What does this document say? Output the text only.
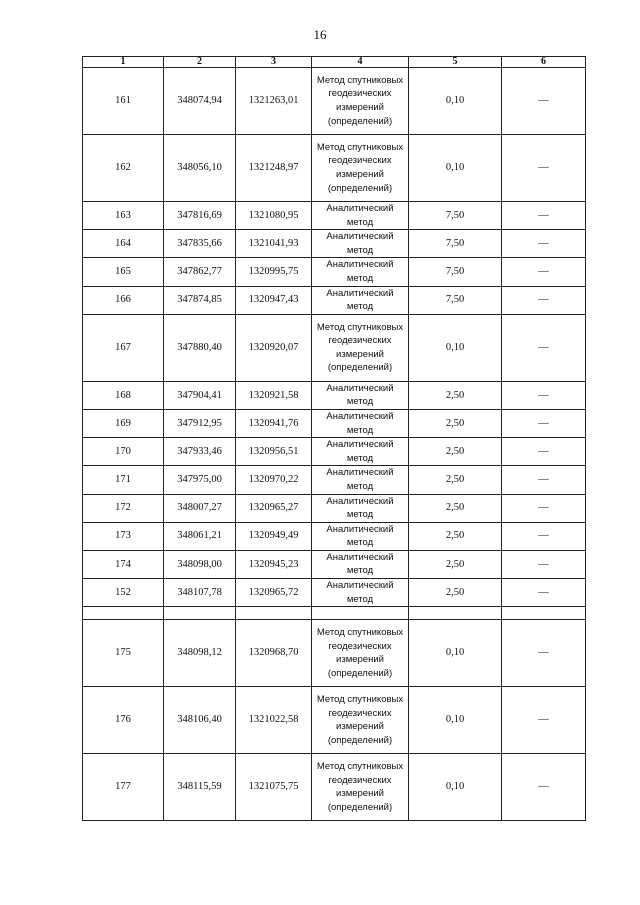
16
1	2	3	4	5	6
161	348074,94	1321263,01	Метод спутниковых геодезических измерений (определений)	0,10	—
162	348056,10	1321248,97	Метод спутниковых геодезических измерений (определений)	0,10	—
163	347816,69	1321080,95	Аналитический метод	7,50	—
164	347835,66	1321041,93	Аналитический метод	7,50	—
165	347862,77	1320995,75	Аналитический метод	7,50	—
166	347874,85	1320947,43	Аналитический метод	7,50	—
167	347880,40	1320920,07	Метод спутниковых геодезических измерений (определений)	0,10	—
168	347904,41	1320921,58	Аналитический метод	2,50	—
169	347912,95	1320941,76	Аналитический метод	2,50	—
170	347933,46	1320956,51	Аналитический метод	2,50	—
171	347975,00	1320970,22	Аналитический метод	2,50	—
172	348007,27	1320965,27	Аналитический метод	2,50	—
173	348061,21	1320949,49	Аналитический метод	2,50	—
174	348098,00	1320945,23	Аналитический метод	2,50	—
152	348107,78	1320965,72	Аналитический метод	2,50	—

175	348098,12	1320968,70	Метод спутниковых геодезических измерений (определений)	0,10	—
176	348106,40	1321022,58	Метод спутниковых геодезических измерений (определений)	0,10	—
177	348115,59	1321075,75	Метод спутниковых геодезических измерений (определений)	0,10	—
